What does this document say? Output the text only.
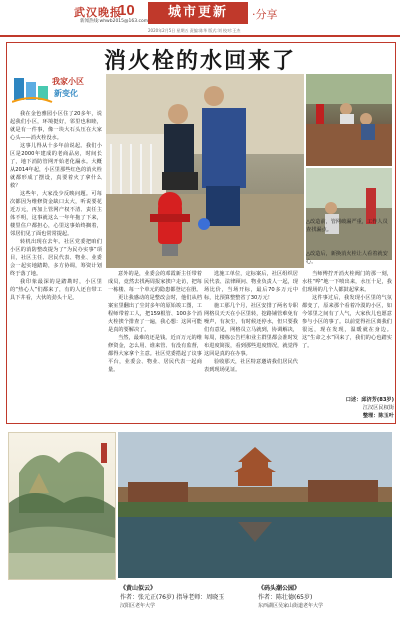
武汉晚报
10
新闻热线:whwb2015@163.com
城市更新	·分享
2020年2月5日 星期五 责编:陈华 版式:刘 校对:王杰
消火栓的水回来了
我家小区
新变化

我在金色雅园小区住了20多年，说起我们小区，环境挺好，邻里也和睦，就是有一件事，像一块大石头压在大家心头——消火栓没水。

这事儿得从十多年前说起。我们小区是2000年建成的老商品房，时间长了，地下消防管网开始老化漏水。大概从2014年起，小区里那些红色的消火栓就都形成了摆设，真要着火了拿什么救？

这些年，大家没少反映问题。可每次都因为维修资金缺口太大，听说要花近万元，再加上管网产权不清、责任主体不明，这事就这么一年年拖了下来，楼里住户都担心，心里这事始终搁着，邻居们见了面也常常提起。

转机出现在去年。社区党委把咱们小区的消防整改提为了“为民办实事”项目，社区主任、居民代表、物业、业委会一起实地踏勘，多方协调，筹资计划终于落了地。

我印象最深的是踏勘时，小区里的“热心人”们都来了，有的人还自带工具下井看，大伙的劲头十足。

△改造前，管网破漏严重，工作人员查找漏点。
△改造后，新换消火栓让人看着就安心。

意外的是，业委会的邓霞新主任带着成员，竟然去找两周报家挨户走访，把每一栋楼、每一个单元的隐患都登记在册。

更让我感动的是整改会时，他们从档案室里翻出了尘封多年的原始竣工图，工程师带着工人，把159根管、100多个消火栓挨个排查了一遍，我心想：这回可能是真的要解决了。

当然，最难的还是钱。近百万元的维修资金，怎么用、谁来管、有没有监督，都得大家拿个主意。社区党委搭起了议事平台，业委会、物业、居民代表一起商量。

选施工单位，定标案后，社区组织居民代表、法律顾问、物业负责人一起，现场比价，当场开标，最后70多万元中标，比预算整整省了30万元！

施工那几个月，社区安排了两名专职网格员天天在小区里转，挖路铺管难免有噪声，有灰尘，有时候还停水，但只要我们有意见，网格员立马就到，协调解决，每周，楼栋公告栏和业主群里都会准时发布进度简报，看到那些进度情况，就觉得这回是真的在办事。

验收那天，社区特意邀请我们居民代表到现场见证。

当师傅拧开消火栓阀门的那一刻，水柱“哗”地一下喷出来，水压十足，我们现场的几个人都鼓起掌来。

这件事过后，我发现小区里的气氛都变了，原来那个看着冷漠的小区，如今邻里之间有了人气，大家伙儿也愿意参与小区的事了。以前觉得社区离我们很远，现在发现，温暖就在身边。这“生命之水”回来了，我们的心也踏实了。

口述：邱济芳(83岁)
江汉区民权街
整理：陈玉叶
《黄山似云》
作者：张元正(76岁) 指导老师：周晓玉
汉阳区老年大学
《码头潮公园》
作者：陈壮德(65岁)
东西湖区吴家山街道老年大学
